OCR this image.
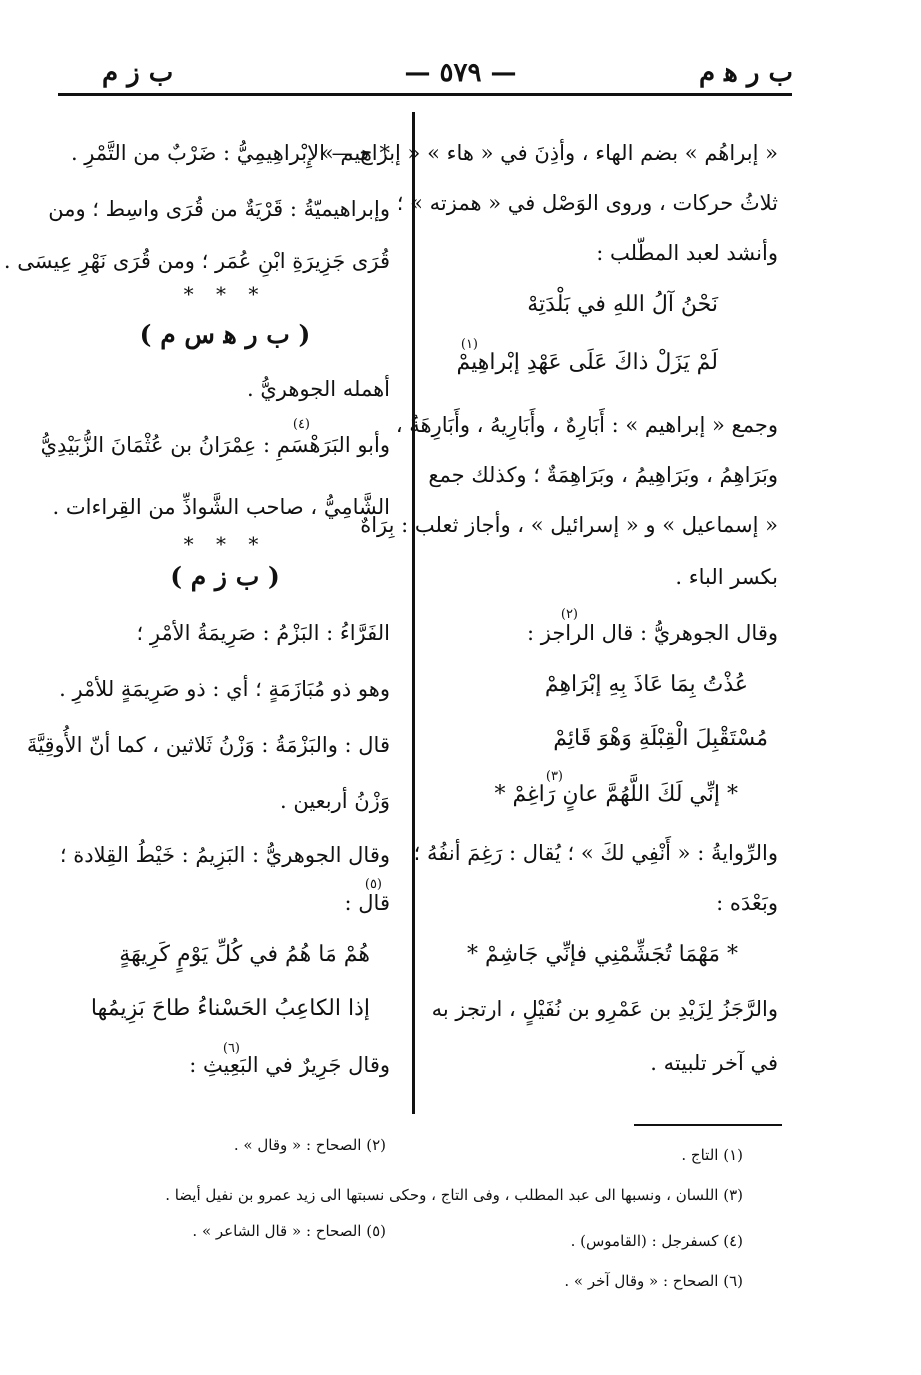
ب ر ﻫ م
— ٥٧٩ —
ب ز م
« إبراهُم » بضم الهاء ، وأذِنَ في « هاء » « إبراهيم »
ثلاثُ حركات ، وروى الوَصْل في « همزته » ؛
وأنشد لعبد المطّلب :
نَحْنُ آلُ اللهِ في بَلْدَتِهْ
(١)
لَمْ يَزَلْ ذاكَ عَلَى عَهْدِ إبْراهِيمْ
وجمع « إبراهيم » : أَبَارِهٌ ، وأَبَارِيهُ ، وأَبَارِهَةُ ،
وبَرَاهِمُ ، وبَرَاهِيمُ ، وبَرَاهِمَةٌ ؛ وكذلك جمع
« إسماعيل » و « إسرائيل » ، وأجاز ثعلب : بِرَاهٌ
بكسر الباء .
(٢)
وقال الجوهريُّ : قال الراجز :
عُذْتُ بِمَا عَاذَ بِهِ إبْرَاهِمْ
مُسْتَقْبِلَ الْقِبْلَةِ وَهْوَ قَائِمْ
(٣)
* إنِّي لَكَ اللَّهُمَّ عانٍ رَاغِمْ *
والرِّوايةُ : « أَنْفِي لكَ » ؛ يُقال : رَغِمَ أنفُهُ ؛
وبَعْدَه :
* مَهْمَا تُجَشِّمْنِي فإنِّي جَاشِمْ *
والرَّجَزُ لِزَيْدِ بن عَمْرِو بن نُفَيْلٍ ، ارتجز به
في آخر تلبيته .
* ح — الإِبْراهِيمِيُّ : ضَرْبٌ من التَّمْرِ .
وإبراهيميّةُ : قَرْيَةٌ من قُرَى واسِط ؛ ومن
قُرَى جَزِيرَةِ ابْنِ عُمَر ؛ ومن قُرَى نَهْرِ عِيسَى .
* * *
( ب ر ﻫ س م )
أهمله الجوهريُّ .
(٤)
وأبو البَرَهْسَمِ : عِمْرَانُ بن عُثْمَانَ الزُّبَيْدِيُّ
الشَّامِيُّ ، صاحب الشَّواذِّ من القِراءات .
* * *
( ب ز م )
الفَرَّاءُ : البَزْمُ : صَرِيمَةُ الأمْرِ ؛
وهو ذو مُبَازَمَةٍ ؛ أي : ذو صَرِيمَةٍ للأمْرِ .
قال : والبَزْمَةُ : وَزْنُ ثَلاثين ، كما أنّ الأُوقِيَّةَ
وَزْنُ أربعين .
وقال الجوهريُّ : البَزِيمُ : خَيْطُ القِلادة ؛
(٥)
قال :
هُمْ مَا هُمُ في كُلِّ يَوْمٍ كَرِيهَةٍ
إذا الكاعِبُ الحَسْناءُ طاحَ بَزِيمُها
(٦)
وقال جَرِيرٌ في البَعِيثِ :
(١) التاج .
(٢) الصحاح : « وقال » .
(٣) اللسان ، ونسبها الى عبد المطلب ، وفى التاج ، وحكى نسبتها الى زيد عمرو بن نفيل أيضا .
(٤) كسفرجل : (القاموس) .
(٥) الصحاح : « قال الشاعر » .
(٦) الصحاح : « وقال آخر » .
